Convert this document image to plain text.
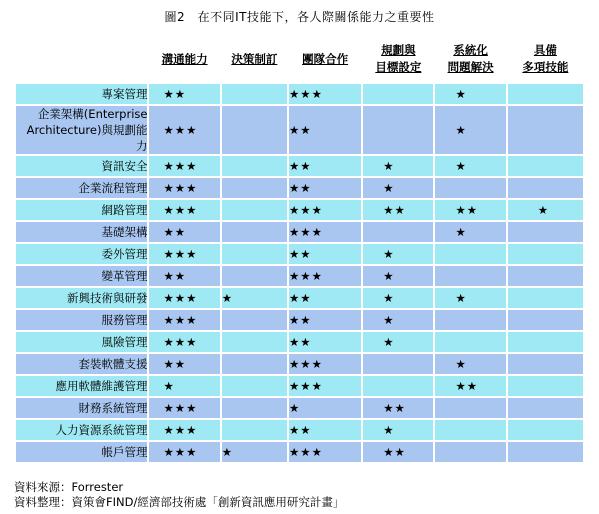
圖2　在不同IT技能下，各人際關係能力之重要性
	溝通能力	決策制訂	團隊合作	規劃與
目標設定	系統化
問題解決	具備
多項技能
專案管理	★★		★★★		★	
企業架構(Enterprise
Architecture)與規劃能力	★★★		★★		★	
資訊安全	★★★		★★	★	★	
企業流程管理	★★★		★★	★		
網路管理	★★★		★★★	★★	★★	★
基礎架構	★★		★★★		★	
委外管理	★★★		★★	★		
變革管理	★★		★★★	★		
新興技術與研發	★★★	★	★★	★	★	
服務管理	★★★		★★	★		
風險管理	★★★		★★	★		
套裝軟體支援	★★		★★★		★	
應用軟體維護管理	★		★★★		★★	
財務系統管理	★★★		★	★★		
人力資源系統管理	★★★		★★	★		
帳戶管理	★★★	★	★★★	★★		
資料來源：Forrester
資料整理：資策會FIND/經濟部技術處「創新資訊應用研究計畫」
